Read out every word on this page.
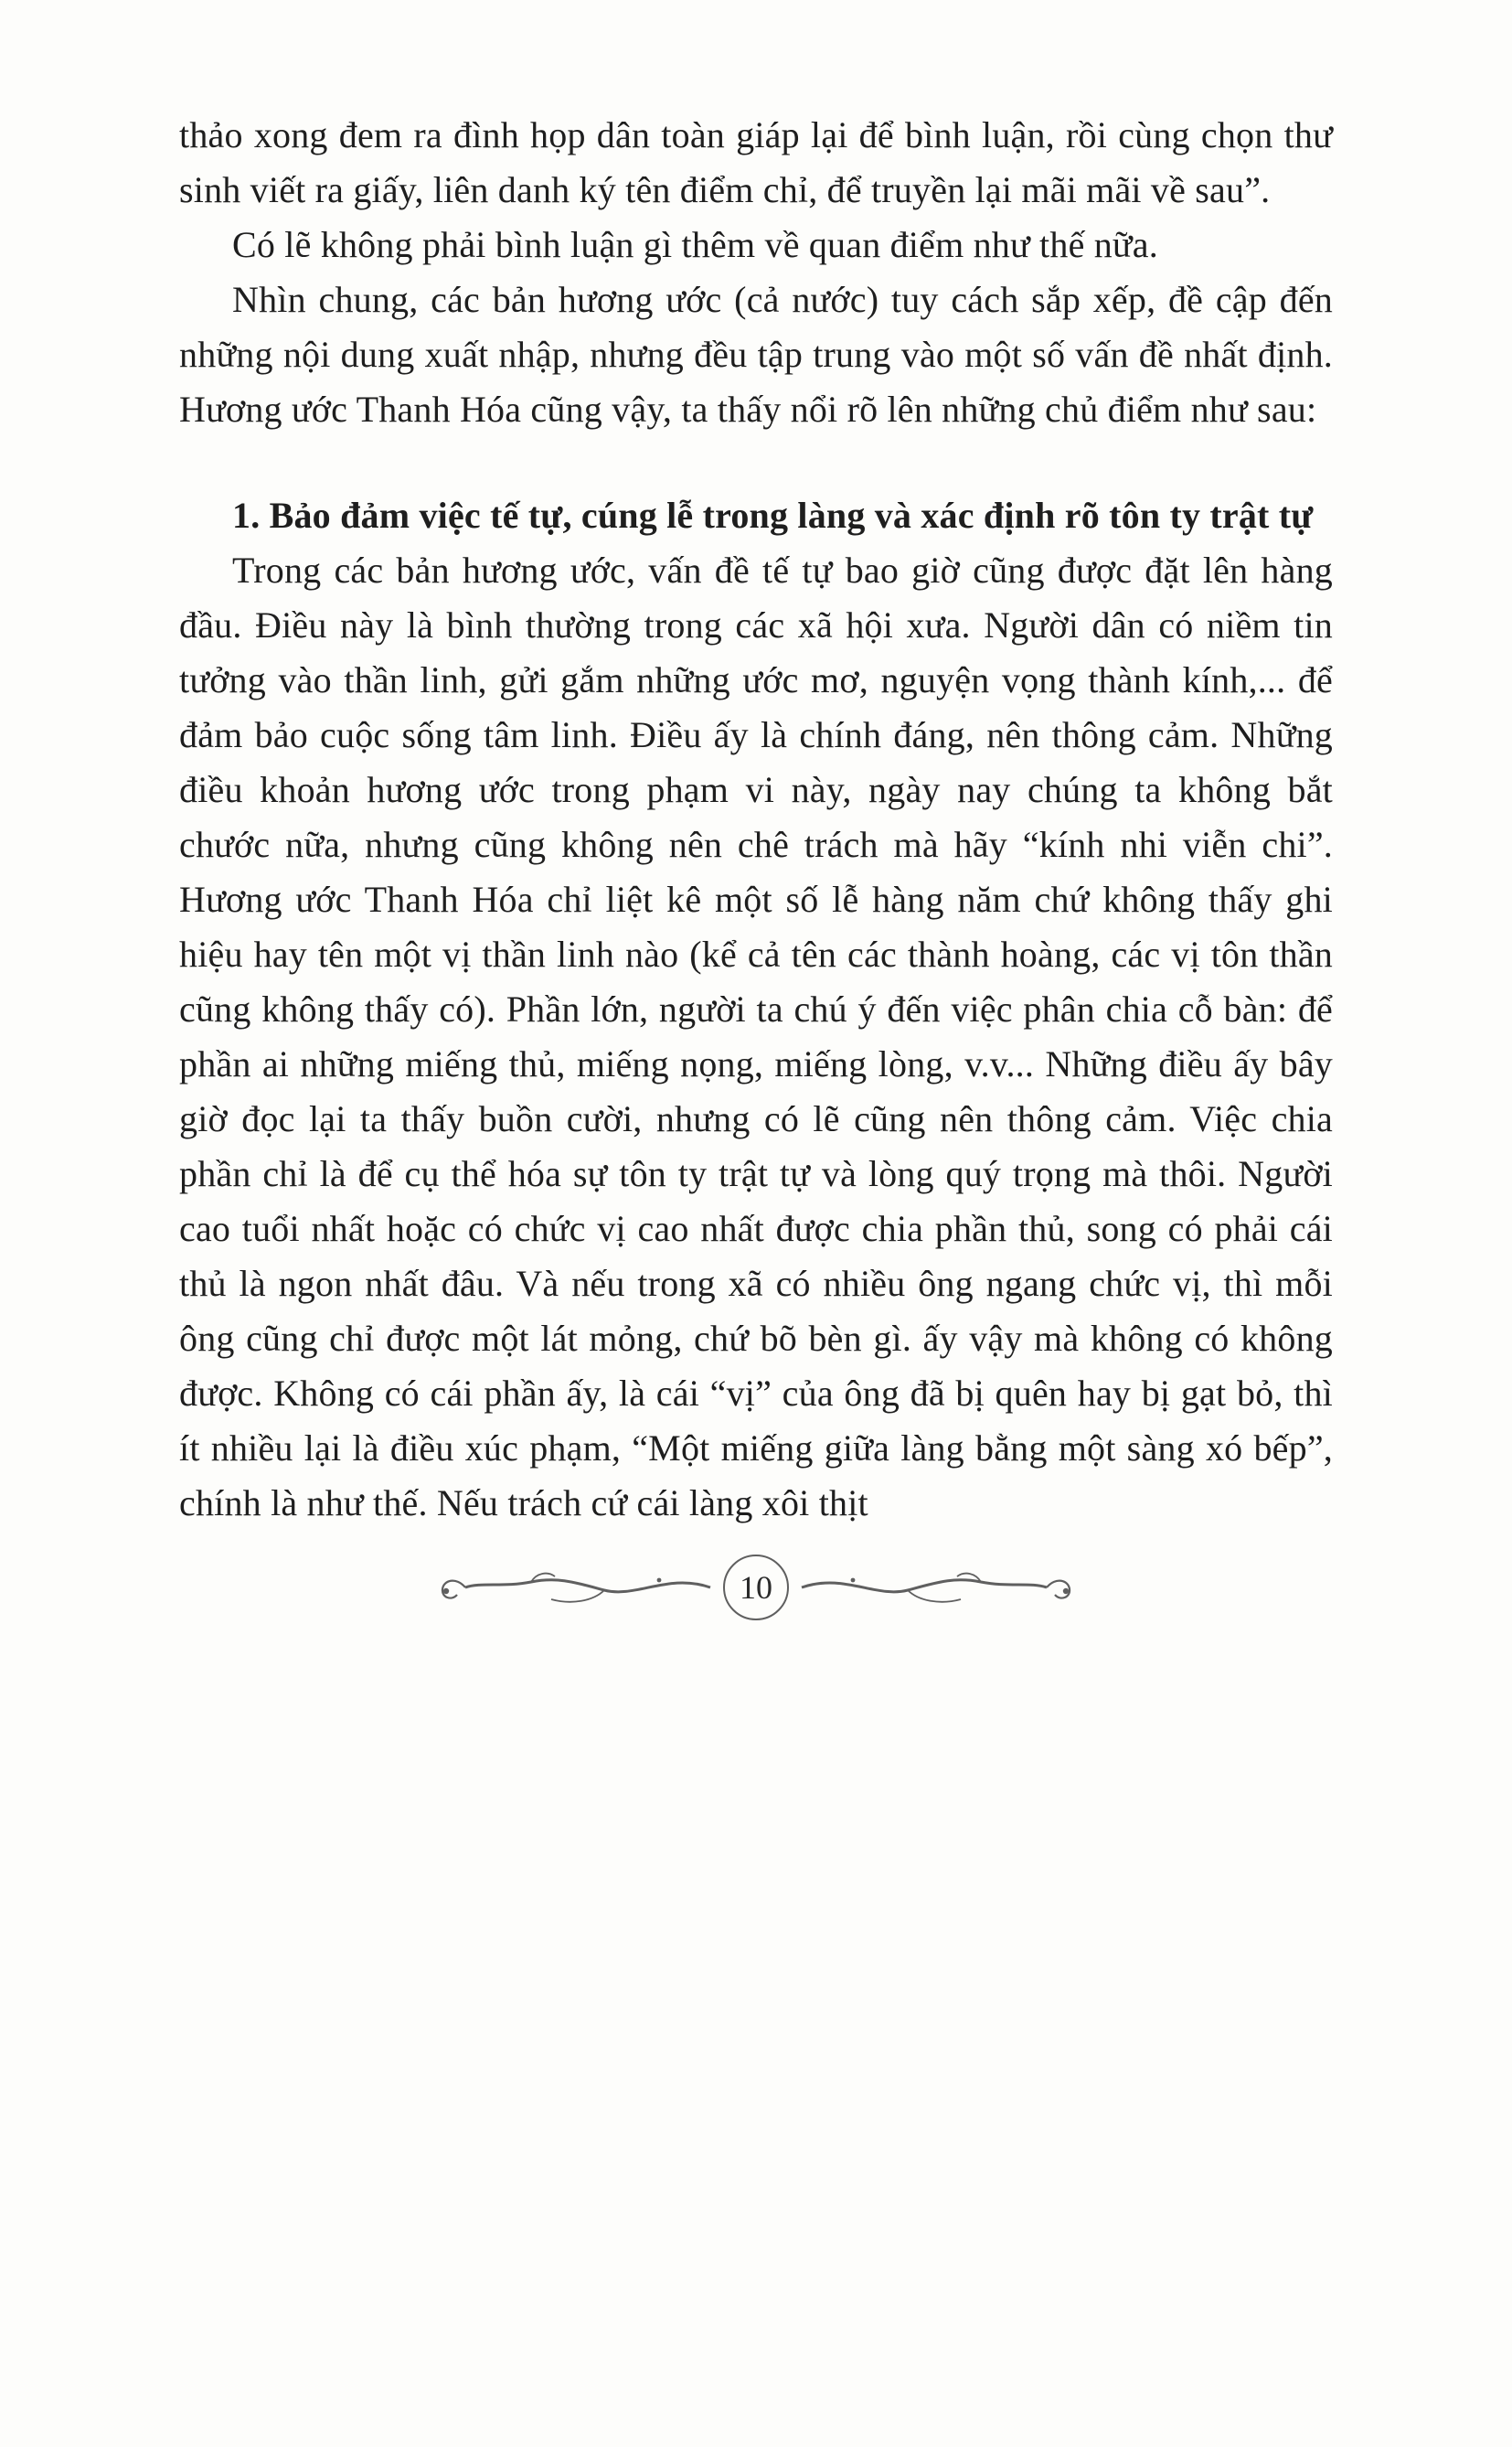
thảo xong đem ra đình họp dân toàn giáp lại để bình luận, rồi cùng chọn thư sinh viết ra giấy, liên danh ký tên điểm chỉ, để truyền lại mãi mãi về sau”.

Có lẽ không phải bình luận gì thêm về quan điểm như thế nữa.

Nhìn chung, các bản hương ước (cả nước) tuy cách sắp xếp, đề cập đến những nội dung xuất nhập, nhưng đều tập trung vào một số vấn đề nhất định. Hương ước Thanh Hóa cũng vậy, ta thấy nổi rõ lên những chủ điểm như sau:

1. Bảo đảm việc tế tự, cúng lễ trong làng và xác định rõ tôn ty trật tự

Trong các bản hương ước, vấn đề tế tự bao giờ cũng được đặt lên hàng đầu. Điều này là bình thường trong các xã hội xưa. Người dân có niềm tin tưởng vào thần linh, gửi gắm những ước mơ, nguyện vọng thành kính,... để đảm bảo cuộc sống tâm linh. Điều ấy là chính đáng, nên thông cảm. Những điều khoản hương ước trong phạm vi này, ngày nay chúng ta không bắt chước nữa, nhưng cũng không nên chê trách mà hãy “kính nhi viễn chi”. Hương ước Thanh Hóa chỉ liệt kê một số lễ hàng năm chứ không thấy ghi hiệu hay tên một vị thần linh nào (kể cả tên các thành hoàng, các vị tôn thần cũng không thấy có). Phần lớn, người ta chú ý đến việc phân chia cỗ bàn: để phần ai những miếng thủ, miếng nọng, miếng lòng, v.v... Những điều ấy bây giờ đọc lại ta thấy buồn cười, nhưng có lẽ cũng nên thông cảm. Việc chia phần chỉ là để cụ thể hóa sự tôn ty trật tự và lòng quý trọng mà thôi. Người cao tuổi nhất hoặc có chức vị cao nhất được chia phần thủ, song có phải cái thủ là ngon nhất đâu. Và nếu trong xã có nhiều ông ngang chức vị, thì mỗi ông cũng chỉ được một lát mỏng, chứ bõ bèn gì. ấy vậy mà không có không được. Không có cái phần ấy, là cái “vị” của ông đã bị quên hay bị gạt bỏ, thì ít nhiều lại là điều xúc phạm, “Một miếng giữa làng bằng một sàng xó bếp”, chính là như thế. Nếu trách cứ cái làng xôi thịt

10
